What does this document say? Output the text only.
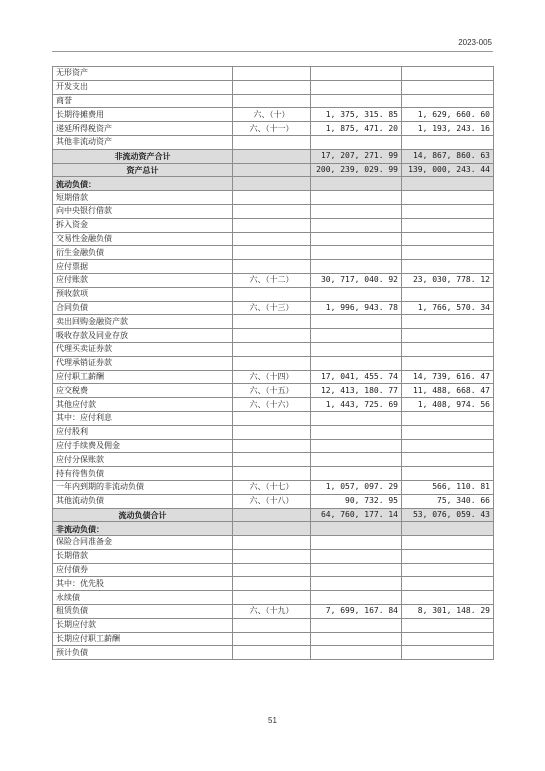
2023-005
无形资产			
开发支出			
商誉			
长期待摊费用	六、（十）	1, 375, 315. 85	1, 629, 660. 60
递延所得税资产	六、（十一）	1, 875, 471. 20	1, 193, 243. 16
其他非流动资产			
非流动资产合计		17, 207, 271. 99	14, 867, 860. 63
资产总计		200, 239, 029. 99	139, 000, 243. 44
流动负债：			
短期借款			
向中央银行借款			
拆入资金			
交易性金融负债			
衍生金融负债			
应付票据			
应付账款	六、（十二）	30, 717, 040. 92	23, 030, 778. 12
预收款项			
合同负债	六、（十三）	1, 996, 943. 78	1, 766, 570. 34
卖出回购金融资产款			
吸收存款及同业存放			
代理买卖证券款			
代理承销证券款			
应付职工薪酬	六、（十四）	17, 041, 455. 74	14, 739, 616. 47
应交税费	六、（十五）	12, 413, 180. 77	11, 488, 668. 47
其他应付款	六、（十六）	1, 443, 725. 69	1, 408, 974. 56
其中：应付利息			
应付股利			
应付手续费及佣金			
应付分保账款			
持有待售负债			
一年内到期的非流动负债	六、（十七）	1, 057, 097. 29	566, 110. 81
其他流动负债	六、（十八）	90, 732. 95	75, 340. 66
流动负债合计		64, 760, 177. 14	53, 076, 059. 43
非流动负债：			
保险合同准备金			
长期借款			
应付债券			
其中：优先股			
永续债			
租赁负债	六、（十九）	7, 699, 167. 84	8, 301, 148. 29
长期应付款			
长期应付职工薪酬			
预计负债			
51
